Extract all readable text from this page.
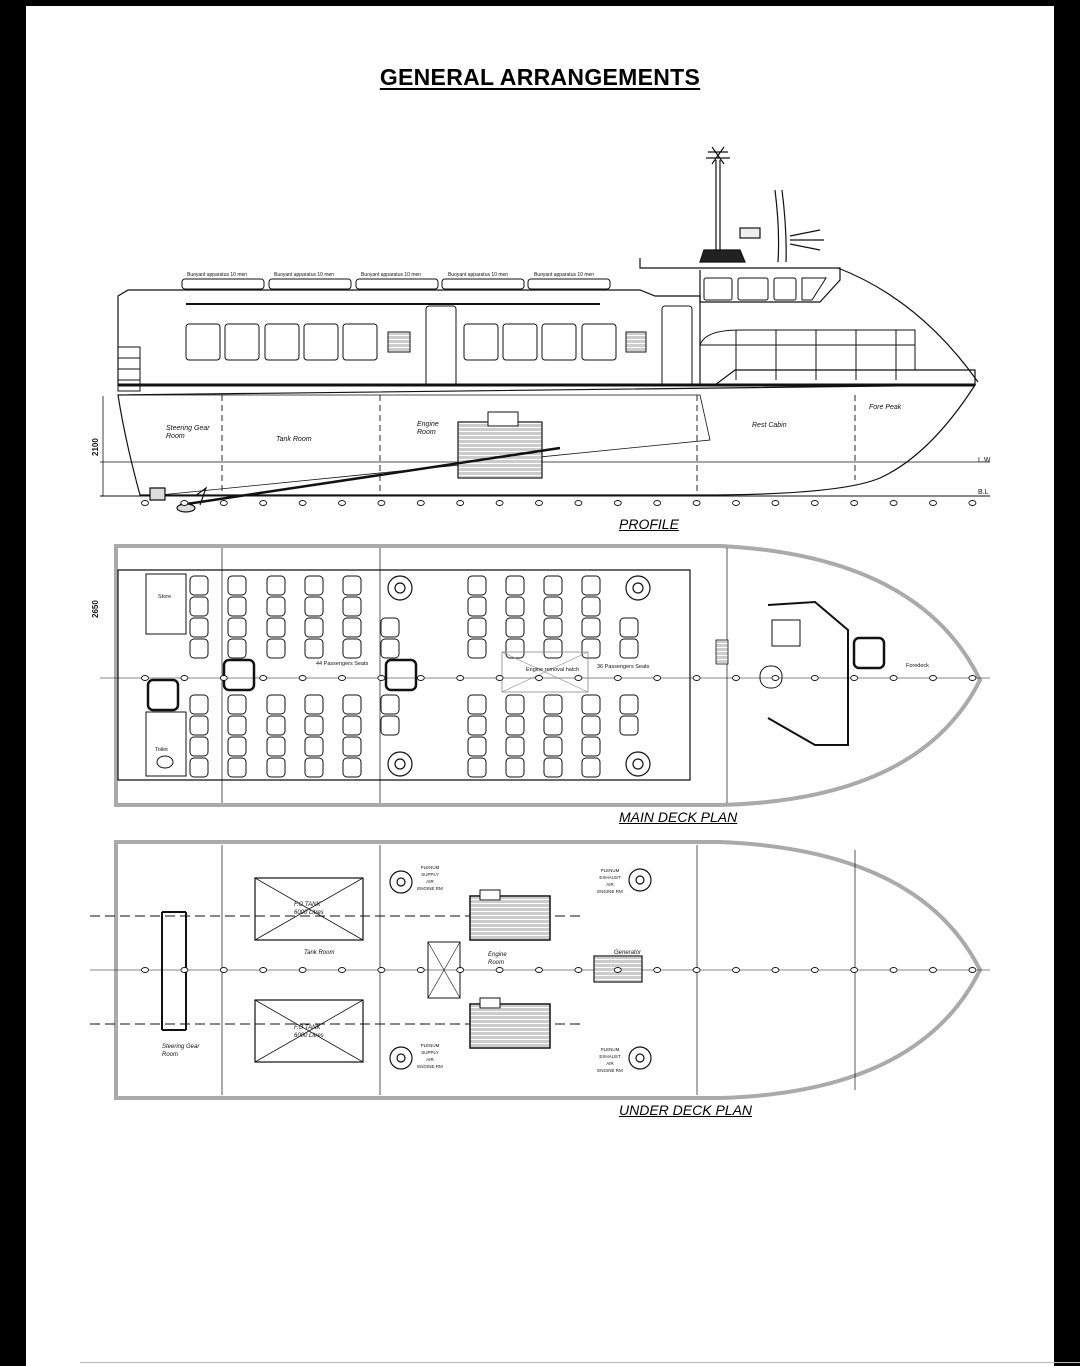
GENERAL ARRANGEMENTS
Buoyant apparatus 10 men	Buoyant apparatus 10 men	Buoyant apparatus 10 men	Buoyant apparatus 10 men	Buoyant apparatus 10 men
Steering Gear
Room	Tank Room
Engine
Room
Rest Cabin
Fore Peak
2100
L.W
B.L
2650
Store
Toilet
44 Passengers Seats	36 Passengers Seats
Engine removal hatch
Foredeck
F.O TANK
6000 Litres
F.O TANK
6000 Litres
Tank Room	Engine
Room
Steering Gear
Room
Generator
PLENUM
SUPPLY
AIR
ENGINE RM
PLENUM
SUPPLY
AIR
ENGINE RM
PLENUM
EXHAUST
AIR
ENGINE RM
PLENUM
EXHAUST
AIR
ENGINE RM
PROFILE
MAIN DECK PLAN
UNDER DECK PLAN
